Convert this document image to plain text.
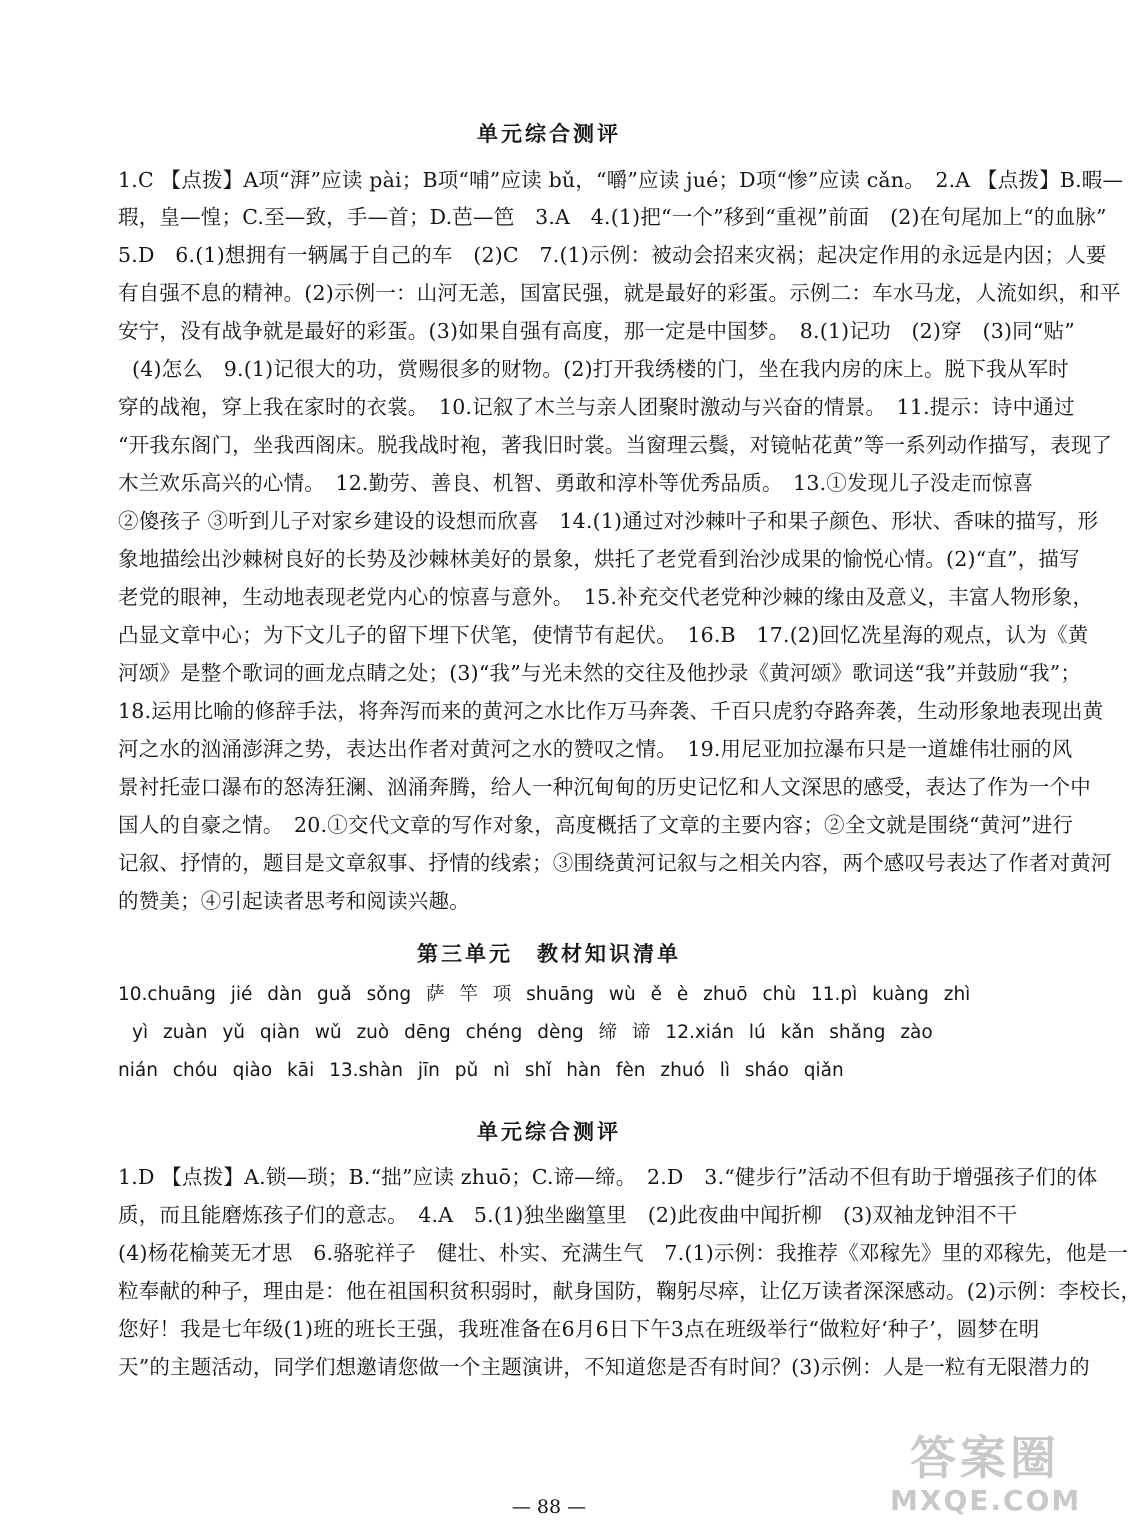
单元综合测评
1.C 【点拨】A项“湃”应读 pài；B项“哺”应读 bǔ，“嚼”应读 jué；D项“惨”应读 cǎn。　2.A 【点拨】B.暇—
瑕，皇—惶；C.至—致，手—首；D.芭—笆　3.A　4.(1)把“一个”移到“重视”前面　(2)在句尾加上“的血脉”
5.D　6.(1)想拥有一辆属于自己的车　(2)C　7.(1)示例：被动会招来灾祸；起决定作用的永远是内因；人要
有自强不息的精神。(2)示例一：山河无恙，国富民强，就是最好的彩蛋。示例二：车水马龙，人流如织，和平
安宁，没有战争就是最好的彩蛋。(3)如果自强有高度，那一定是中国梦。　8.(1)记功　(2)穿　(3)同“贴”
(4)怎么　9.(1)记很大的功，赏赐很多的财物。(2)打开我绣楼的门，坐在我内房的床上。脱下我从军时
穿的战袍，穿上我在家时的衣裳。　10.记叙了木兰与亲人团聚时激动与兴奋的情景。　11.提示：诗中通过
“开我东阁门，坐我西阁床。脱我战时袍，著我旧时裳。当窗理云鬓，对镜帖花黄”等一系列动作描写，表现了
木兰欢乐高兴的心情。　12.勤劳、善良、机智、勇敢和淳朴等优秀品质。　13.①发现儿子没走而惊喜
②傻孩子 ③听到儿子对家乡建设的设想而欣喜　14.(1)通过对沙棘叶子和果子颜色、形状、香味的描写，形
象地描绘出沙棘树良好的长势及沙棘林美好的景象，烘托了老党看到治沙成果的愉悦心情。(2)“直”，描写
老党的眼神，生动地表现老党内心的惊喜与意外。　15.补充交代老党种沙棘的缘由及意义，丰富人物形象，
凸显文章中心；为下文儿子的留下埋下伏笔，使情节有起伏。　16.B　17.(2)回忆冼星海的观点，认为《黄
河颂》是整个歌词的画龙点睛之处；(3)“我”与光未然的交往及他抄录《黄河颂》歌词送“我”并鼓励“我”；
18.运用比喻的修辞手法，将奔泻而来的黄河之水比作万马奔袭、千百只虎豹夺路奔袭，生动形象地表现出黄
河之水的汹涌澎湃之势，表达出作者对黄河之水的赞叹之情。　19.用尼亚加拉瀑布只是一道雄伟壮丽的风
景衬托壶口瀑布的怒涛狂澜、汹涌奔腾，给人一种沉甸甸的历史记忆和人文深思的感受，表达了作为一个中
国人的自豪之情。　20.①交代文章的写作对象，高度概括了文章的主要内容；②全文就是围绕“黄河”进行
记叙、抒情的，题目是文章叙事、抒情的线索；③围绕黄河记叙与之相关内容，两个感叹号表达了作者对黄河
的赞美；④引起读者思考和阅读兴趣。
第三单元　教材知识清单
10.chuāng jié dàn guǎ sǒng 萨 竿 项 shuāng wù ě è zhuō chù 11.pì kuàng zhì
yì zuàn yǔ qiàn wǔ zuò dēng chéng dèng 缔 谛 12.xián lú kǎn shǎng zào
nián chóu qiào kāi 13.shàn jīn pǔ nì shǐ hàn fèn zhuó lì sháo qiǎn
单元综合测评
1.D 【点拨】A.锁—琐；B.“拙”应读 zhuō；C.谛—缔。　2.D　3.“健步行”活动不但有助于增强孩子们的体
质，而且能磨炼孩子们的意志。　4.A　5.(1)独坐幽篁里　(2)此夜曲中闻折柳　(3)双袖龙钟泪不干
(4)杨花榆荚无才思　6.骆驼祥子　健壮、朴实、充满生气　7.(1)示例：我推荐《邓稼先》里的邓稼先，他是一
粒奉献的种子，理由是：他在祖国积贫积弱时，献身国防，鞠躬尽瘁，让亿万读者深深感动。(2)示例：李校长，
您好！我是七年级(1)班的班长王强，我班准备在6月6日下午3点在班级举行“做粒好‘种子’，圆梦在明
天”的主题活动，同学们想邀请您做一个主题演讲，不知道您是否有时间？(3)示例：人是一粒有无限潜力的
— 88 —
答案圈
MXQE.COM
